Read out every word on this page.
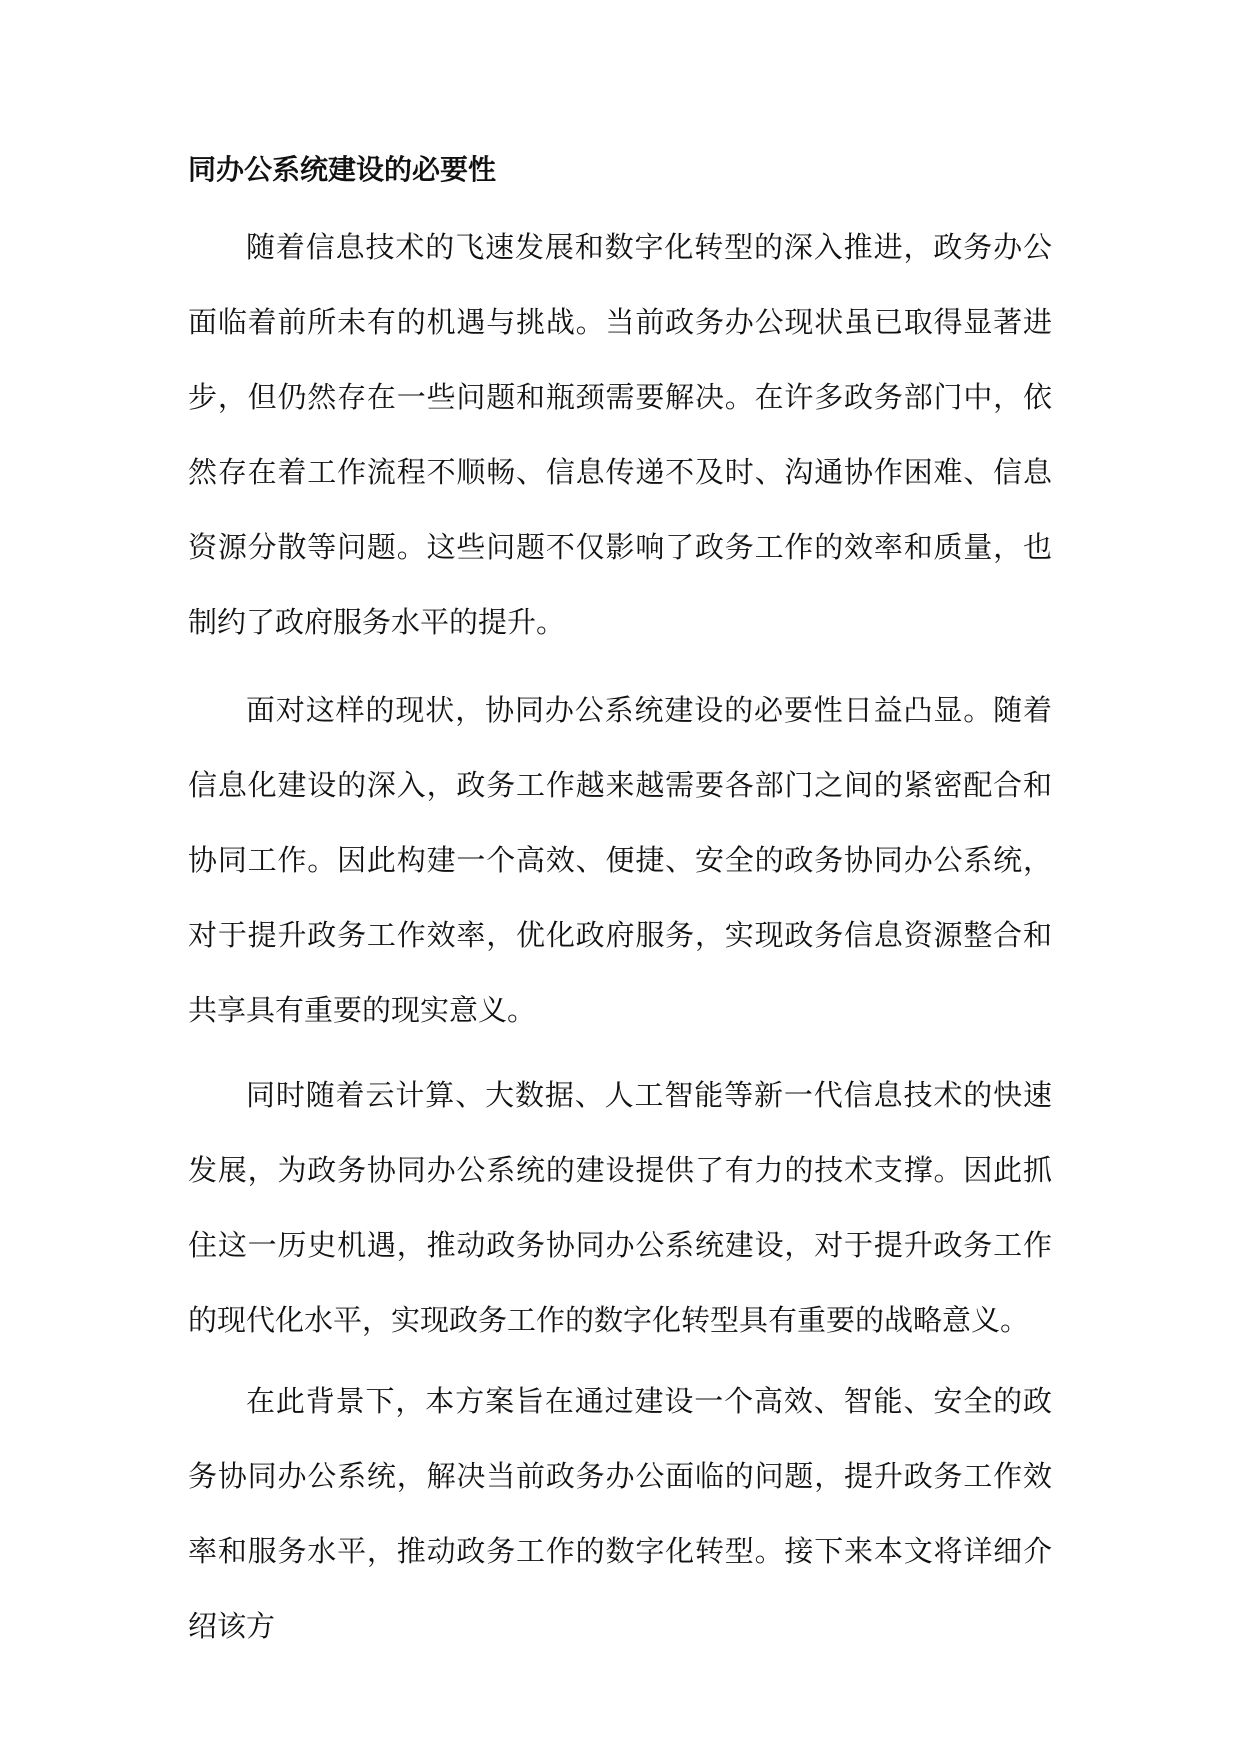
同办公系统建设的必要性

随着信息技术的飞速发展和数字化转型的深入推进，政务办公面临着前所未有的机遇与挑战。当前政务办公现状虽已取得显著进步，但仍然存在一些问题和瓶颈需要解决。在许多政务部门中，依然存在着工作流程不顺畅、信息传递不及时、沟通协作困难、信息资源分散等问题。这些问题不仅影响了政务工作的效率和质量，也制约了政府服务水平的提升。

面对这样的现状，协同办公系统建设的必要性日益凸显。随着信息化建设的深入，政务工作越来越需要各部门之间的紧密配合和协同工作。因此构建一个高效、便捷、安全的政务协同办公系统，对于提升政务工作效率，优化政府服务，实现政务信息资源整合和共享具有重要的现实意义。

同时随着云计算、大数据、人工智能等新一代信息技术的快速发展，为政务协同办公系统的建设提供了有力的技术支撑。因此抓住这一历史机遇，推动政务协同办公系统建设，对于提升政务工作的现代化水平，实现政务工作的数字化转型具有重要的战略意义。

在此背景下，本方案旨在通过建设一个高效、智能、安全的政务协同办公系统，解决当前政务办公面临的问题，提升政务工作效率和服务水平，推动政务工作的数字化转型。接下来本文将详细介绍该方
